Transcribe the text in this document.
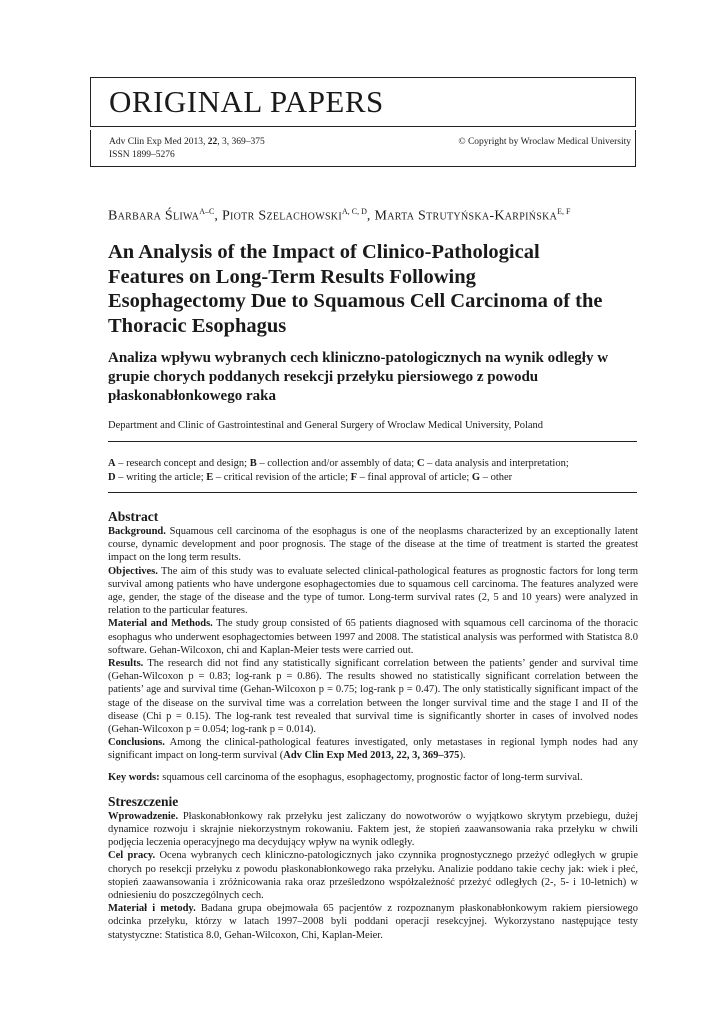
ORIGINAL PAPERS
Adv Clin Exp Med 2013, 22, 3, 369–375
ISSN 1899–5276
© Copyright by Wroclaw Medical University
Barbara Śliwa$^{A-C}$, Piotr Szelachowski$^{A, C, D}$, Marta Strutyńska-Karpińska$^{E, F}$
An Analysis of the Impact of Clinico-Pathological Features on Long-Term Results Following Esophagectomy Due to Squamous Cell Carcinoma of the Thoracic Esophagus
Analiza wpływu wybranych cech kliniczno-patologicznych na wynik odległy w grupie chorych poddanych resekcji przełyku piersiowego z powodu płaskonabłonkowego raka
Department and Clinic of Gastrointestinal and General Surgery of Wroclaw Medical University, Poland
A – research concept and design; B – collection and/or assembly of data; C – data analysis and interpretation;
D – writing the article; E – critical revision of the article; F – final approval of article; G – other
Abstract

Background. Squamous cell carcinoma of the esophagus is one of the neoplasms characterized by an exceptionally latent course, dynamic development and poor prognosis. The stage of the disease at the time of treatment is started the greatest impact on the long term results.

Objectives. The aim of this study was to evaluate selected clinical-pathological features as prognostic factors for long term survival among patients who have undergone esophagectomies due to squamous cell carcinoma. The features analyzed were age, gender, the stage of the disease and the type of tumor. Long-term survival rates (2, 5 and 10 years) were analyzed in relation to the particular features.

Material and Methods. The study group consisted of 65 patients diagnosed with squamous cell carcinoma of the thoracic esophagus who underwent esophagectomies between 1997 and 2008. The statistical analysis was performed with Statistca 8.0 software. Gehan-Wilcoxon, chi and Kaplan-Meier tests were carried out.

Results. The research did not find any statistically significant correlation between the patients’ gender and survival time (Gehan-Wilcoxon p = 0.83; log-rank p = 0.86). The results showed no statistically significant correlation between the patients’ age and survival time (Gehan-Wilcoxon p = 0.75; log-rank p = 0.47). The only statistically significant impact of the stage of the disease on the survival time was a correlation between the longer survival time and the stage I and II of the disease (Chi p = 0.15). The log-rank test revealed that survival time is significantly shorter in cases of involved nodes (Gehan-Wilcoxon p = 0.054; log-rank p = 0.014).

Conclusions. Among the clinical-pathological features investigated, only metastases in regional lymph nodes had any significant impact on long-term survival (Adv Clin Exp Med 2013, 22, 3, 369–375).

Key words: squamous cell carcinoma of the esophagus, esophagectomy, prognostic factor of long-term survival.

Streszczenie

Wprowadzenie. Płaskonabłonkowy rak przełyku jest zaliczany do nowotworów o wyjątkowo skrytym przebiegu, dużej dynamice rozwoju i skrajnie niekorzystnym rokowaniu. Faktem jest, że stopień zaawansowania raka przełyku w chwili podjęcia leczenia operacyjnego ma decydujący wpływ na wynik odległy.

Cel pracy. Ocena wybranych cech kliniczno-patologicznych jako czynnika prognostycznego przeżyć odległych w grupie chorych po resekcji przełyku z powodu płaskonabłonkowego raka przełyku. Analizie poddano takie cechy jak: wiek i płeć, stopień zaawansowania i zróżnicowania raka oraz prześledzono współzależność przeżyć odległych (2-, 5- i 10-letnich) w odniesieniu do poszczególnych cech.

Materiał i metody. Badana grupa obejmowała 65 pacjentów z rozpoznanym płaskonabłonkowym rakiem piersiowego odcinka przełyku, którzy w latach 1997–2008 byli poddani operacji resekcyjnej. Wykorzystano następujące testy statystyczne: Statistica 8.0, Gehan-Wilcoxon, Chi, Kaplan-Meier.
